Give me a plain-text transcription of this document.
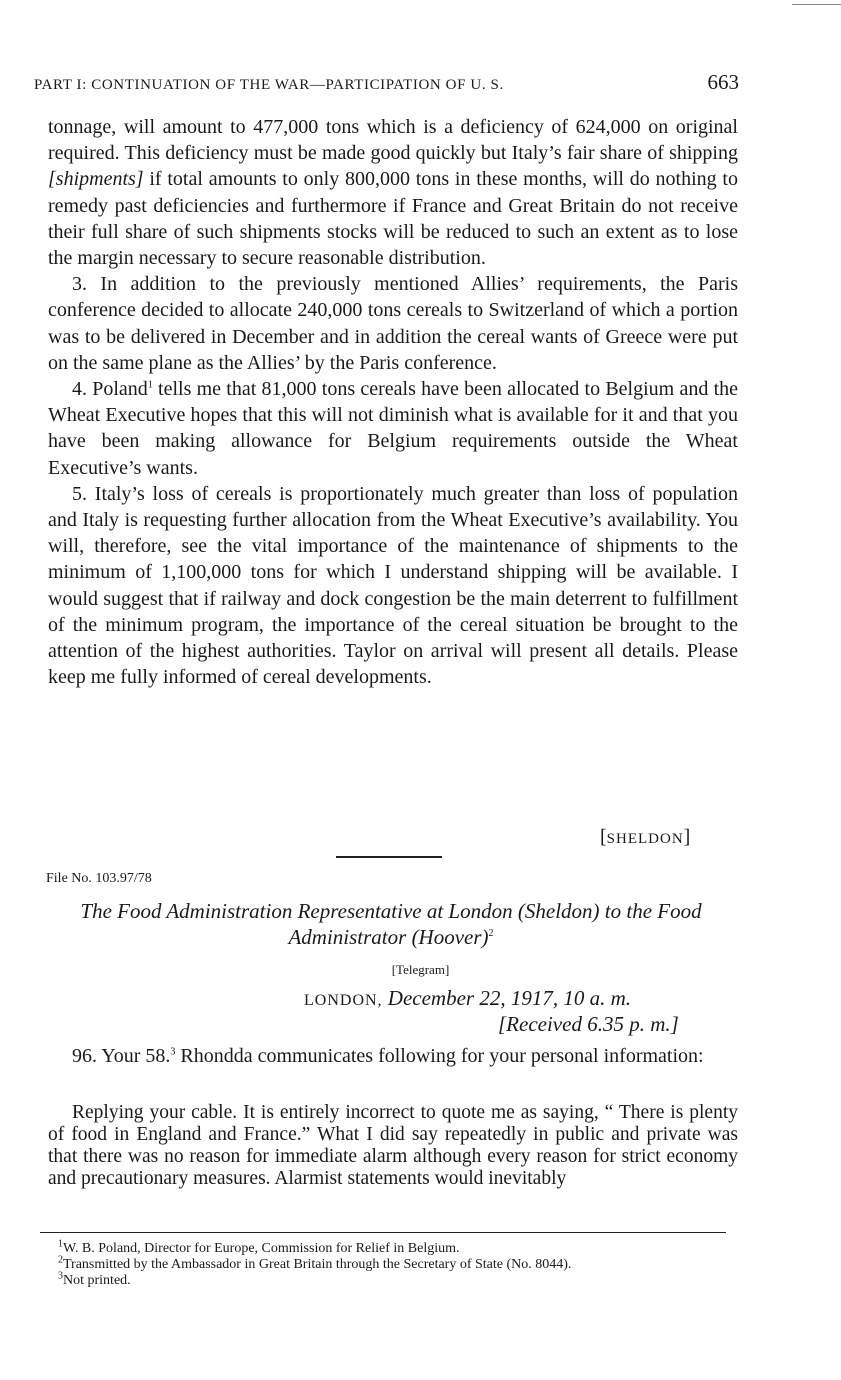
PART I: CONTINUATION OF THE WAR—PARTICIPATION OF U. S.	663

tonnage, will amount to 477,000 tons which is a deficiency of 624,000 on original required. This deficiency must be made good quickly but Italy’s fair share of shipping [shipments] if total amounts to only 800,000 tons in these months, will do nothing to remedy past deficiencies and furthermore if France and Great Britain do not receive their full share of such shipments stocks will be reduced to such an extent as to lose the margin necessary to secure reasonable distribution.

3. In addition to the previously mentioned Allies’ requirements, the Paris conference decided to allocate 240,000 tons cereals to Switzerland of which a portion was to be delivered in December and in addition the cereal wants of Greece were put on the same plane as the Allies’ by the Paris conference.

4. Poland$^1$ tells me that 81,000 tons cereals have been allocated to Belgium and the Wheat Executive hopes that this will not diminish what is available for it and that you have been making allowance for Belgium requirements outside the Wheat Executive’s wants.

5. Italy’s loss of cereals is proportionately much greater than loss of population and Italy is requesting further allocation from the Wheat Executive’s availability. You will, therefore, see the vital importance of the maintenance of shipments to the minimum of 1,100,000 tons for which I understand shipping will be available. I would suggest that if railway and dock congestion be the main deterrent to fulfillment of the minimum program, the importance of the cereal situation be brought to the attention of the highest authorities. Taylor on arrival will present all details. Please keep me fully informed of cereal developments.

[SHELDON]
File No. 103.97/78
The Food Administration Representative at London (Sheldon) to the Food Administrator (Hoover)$^2$
[Telegram]
LONDON, December 22, 1917, 10 a. m.
[Received 6.35 p. m.]

96. Your 58.$^3$ Rhondda communicates following for your personal information:

Replying your cable. It is entirely incorrect to quote me as saying, “ There is plenty of food in England and France.” What I did say repeatedly in public and private was that there was no reason for immediate alarm although every reason for strict economy and precautionary measures. Alarmist statements would inevitably

$^1$W. B. Poland, Director for Europe, Commission for Relief in Belgium.

$^2$Transmitted by the Ambassador in Great Britain through the Secretary of State (No. 8044).

$^3$Not printed.
